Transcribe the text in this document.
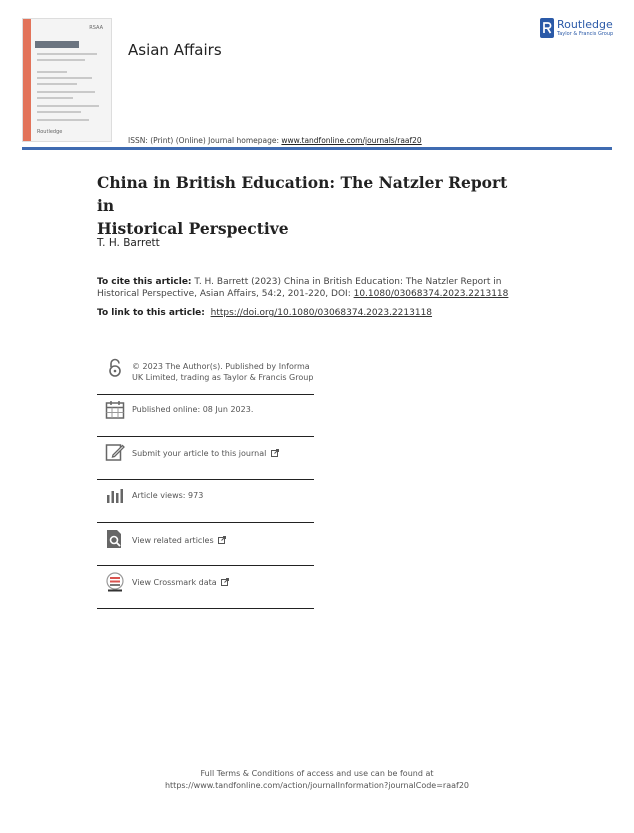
RSAA
Routledge
Asian Affairs
Routledge
Taylor & Francis Group
ISSN: (Print) (Online) Journal homepage: www.tandfonline.com/journals/raaf20
China in British Education: The Natzler Report in
Historical Perspective
T. H. Barrett
To cite this article: T. H. Barrett (2023) China in British Education: The Natzler Report in Historical Perspective, Asian Affairs, 54:2, 201-220, DOI: 10.1080/03068374.2023.2213118
To link to this article: https://doi.org/10.1080/03068374.2023.2213118
© 2023 The Author(s). Published by Informa UK Limited, trading as Taylor & Francis Group
Published online: 08 Jun 2023.
Submit your article to this journal
Article views: 973
View related articles
View Crossmark data
Full Terms & Conditions of access and use can be found at
https://www.tandfonline.com/action/journalInformation?journalCode=raaf20
